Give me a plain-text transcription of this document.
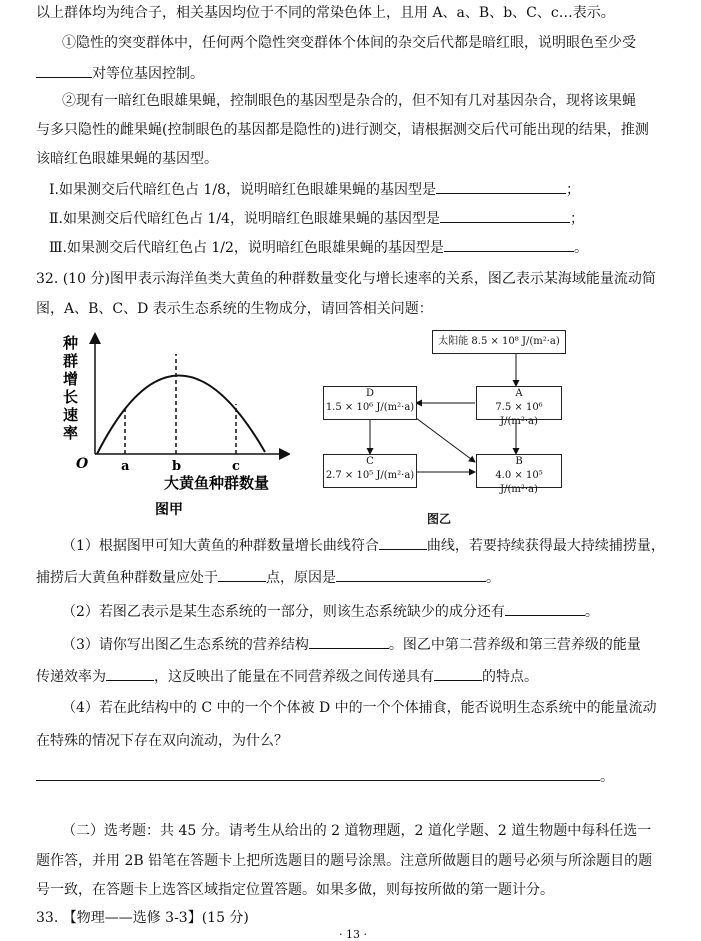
以上群体均为纯合子，相关基因均位于不同的常染色体上，且用 A、a、B、b、C、c…表示。
①隐性的突变群体中，任何两个隐性突变群体个体间的杂交后代都是暗红眼，说明眼色至少受
对等位基因控制。
②现有一暗红色眼雄果蝇，控制眼色的基因型是杂合的，但不知有几对基因杂合，现将该果蝇
与多只隐性的雌果蝇(控制眼色的基因都是隐性的)进行测交，请根据测交后代可能出现的结果，推测
该暗红色眼雄果蝇的基因型。
Ⅰ.如果测交后代暗红色占 1/8，说明暗红色眼雄果蝇的基因型是	；
Ⅱ.如果测交后代暗红色占 1/4，说明暗红色眼雄果蝇的基因型是	；
Ⅲ.如果测交后代暗红色占 1/2，说明暗红色眼雄果蝇的基因型是	。
32. (10 分)图甲表示海洋鱼类大黄鱼的种群数量变化与增长速率的关系，图乙表示某海域能量流动简
图，A、B、C、D 表示生态系统的生物成分，请回答相关问题：
种
群
增
长
速
率
O	a	b	c
大黄鱼种群数量
图甲
太阳能 8.5 × 10⁸ J/(m²·a)
A
7.5 × 10⁶ J/(m²·a)
D
1.5 × 10⁶ J/(m²·a)
C
2.7 × 10⁵ J/(m²·a)
B
4.0 × 10⁵ J/(m²·a)
图乙
（1）根据图甲可知大黄鱼的种群数量增长曲线符合	曲线，若要持续获得最大持续捕捞量，
捕捞后大黄鱼种群数量应处于	点，原因是	。
（2）若图乙表示是某生态系统的一部分，则该生态系统缺少的成分还有	。
（3）请你写出图乙生态系统的营养结构	。图乙中第二营养级和第三营养级的能量
传递效率为	，这反映出了能量在不同营养级之间传递具有	的特点。
（4）若在此结构中的 C 中的一个个体被 D 中的一个个体捕食，能否说明生态系统中的能量流动
在特殊的情况下存在双向流动，为什么？
。
（二）选考题：共 45 分。请考生从给出的 2 道物理题，2 道化学题、2 道生物题中每科任选一
题作答，并用 2B 铅笔在答题卡上把所选题目的题号涂黑。注意所做题目的题号必须与所涂题目的题
号一致，在答题卡上选答区域指定位置答题。如果多做，则每按所做的第一题计分。
33. 【物理——选修 3-3】(15 分)
· 13 ·
